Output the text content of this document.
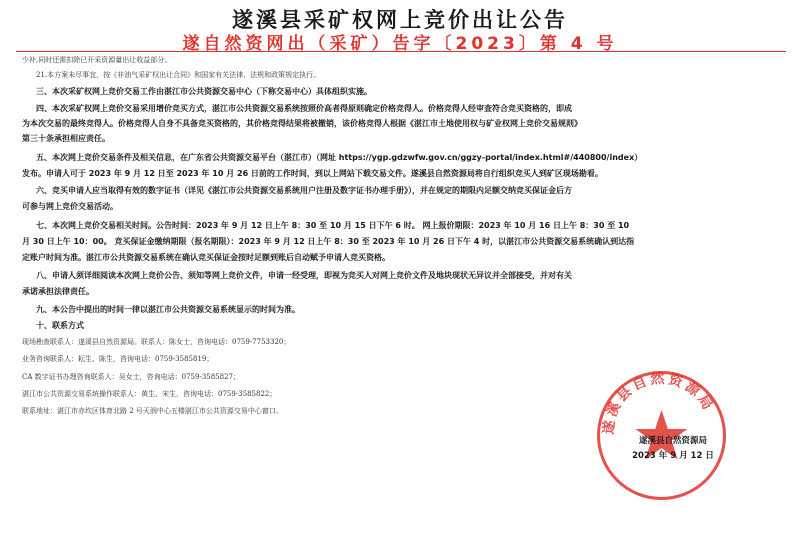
遂溪县采矿权网上竞价出让公告
遂自然资网出（采矿）告字〔2023〕第 4 号
少补,同时还需扣除已开采资源量出让收益部分。
21.本方案未尽事宜，按《非油气采矿权出让合同》和国家有关法律、法规和政策规定执行。
三、本次采矿权网上竞价交易工作由湛江市公共资源交易中心（下称交易中心）具体组织实施。
四、本次采矿权网上竞价交易采用增价竞买方式，湛江市公共资源交易系统按照价高者得原则确定价格竞得人。价格竞得人经审查符合竞买资格的，即成
为本次交易的最终竞得人。价格竞得人自身不具备竞买资格的，其价格竞得结果将被撤销，该价格竞得人根据《湛江市土地使用权与矿业权网上竞价交易规则》
第三十条承担相应责任。
五、本次网上竞价交易条件及相关信息，在广东省公共资源交易平台（湛江市）（网址 https://ygp.gdzwfw.gov.cn/ggzy-portal/index.html#/440800/index）
发布。申请人可于 2023 年 9 月 12 日至 2023 年 10 月 26 日前的工作时间，到以上网站下载交易文件。遂溪县自然资源局将自行组织竞买人到矿区现场勘看。
六、竞买申请人应当取得有效的数字证书（详见《湛江市公共资源交易系统用户注册及数字证书办理手册》），并在规定的期限内足额交纳竞买保证金后方
可参与网上竞价交易活动。
七、本次网上竞价交易相关时间。公告时间：2023 年 9 月 12 日上午 8：30 至 10 月 15 日下午 6 时。 网上报价期限：2023 年 10 月 16 日上午 8：30 至 10
月 30 日上午 10：00。 竞买保证金缴纳期限（报名期限）：2023 年 9 月 12 日上午 8：30 至 2023 年 10 月 26 日下午 4 时，以湛江市公共资源交易系统确认到达指
定账户时间为准。湛江市公共资源交易系统在确认竞买保证金按时足额到账后自动赋予申请人竞买资格。
八、申请人须详细阅读本次网上竞价公告、须知等网上竞价文件，申请一经受理，即视为竞买人对网上竞价文件及地块现状无异议并全部接受，并对有关
承诺承担法律责任。
九、本公告中提出的时间一律以湛江市公共资源交易系统显示的时间为准。
十、联系方式
现场勘查联系人：遂溪县自然资源局。联系人：陈女士，咨询电话：0759-7753320；
业务咨询联系人：耘生、陈生，咨询电话：0759-3585819；
CA 数字证书办理咨询联系人：吴女士，咨询电话：0759-3585827；
湛江市公共资源交易系统操作联系人：黄生、宋生，咨询电话：0759-3585822；
联系地址：湛江市赤坎区体育北路 2 号天润中心五楼湛江市公共资源交易中心窗口。
遂溪县自然资源局
遂溪县自然资源局
2023 年 9 月 12 日
